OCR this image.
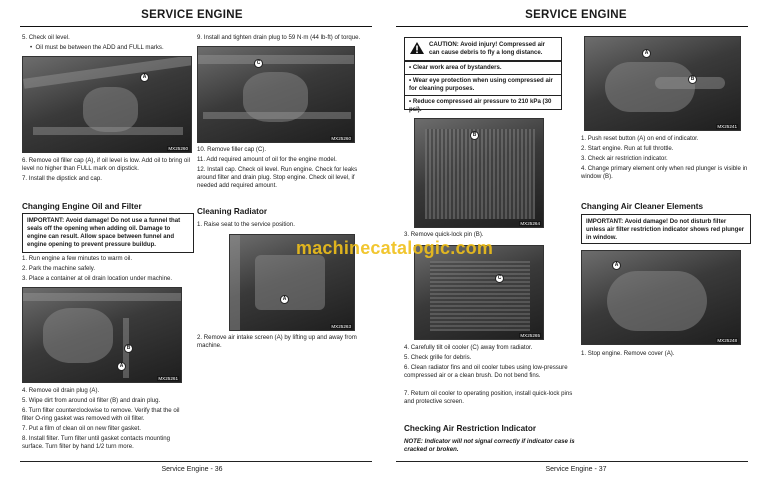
SERVICE ENGINE
5. Check oil level.
•  Oil must be between the ADD and FULL marks.
A
MX25260
6. Remove oil filler cap (A), if oil level is low. Add oil to bring oil level no higher than FULL mark on dipstick.
7. Install the dipstick and cap.
Changing Engine Oil and Filter
IMPORTANT: Avoid damage! Do not use a funnel that seals off the opening when adding oil. Damage to engine can result. Allow space between funnel and engine opening to prevent pressure buildup.
1. Run engine a few minutes to warm oil.
2. Park the machine safely.
3. Place a container at oil drain location under machine.
B
A
MX25261
4. Remove oil drain plug (A).
5. Wipe dirt from around oil filter (B) and drain plug.
6. Turn filter counterclockwise to remove. Verify that the oil filter O-ring gasket was removed with oil filter.
7. Put a film of clean oil on new filter gasket.
8. Install filter. Turn filter until gasket contacts mounting surface. Turn filter by hand 1/2 turn more.
9. Install and tighten drain plug to 59 N·m (44 lb-ft) of torque.
C
MX25260
10. Remove filler cap (C).
11. Add required amount of oil for the engine model.
12. Install cap. Check oil level. Run engine. Check for leaks around filter and drain plug. Stop engine. Check oil level, if needed add required amount.
Cleaning Radiator
1. Raise seat to the service position.
A
MX25263
2. Remove air intake screen (A) by lifting up and away from machine.
Service Engine - 36
SERVICE ENGINE
CAUTION: Avoid injury! Compressed air can cause debris to fly a long distance.
• Clear work area of bystanders.
• Wear eye protection when using compressed air for cleaning purposes.
• Reduce compressed air pressure to 210 kPa (30 psi).
B
MX25264
3. Remove quick-lock pin (B).
C
MX25265
4. Carefully tilt oil cooler (C) away from radiator.
5. Check grille for debris.
6. Clean radiator fins and oil cooler tubes using low-pressure compressed air or a clean brush. Do not bend fins.
7. Return oil cooler to operating position, install quick-lock pins and protective screen.
Checking Air Restriction Indicator
NOTE: Indicator will not signal correctly if indicator case is cracked or broken.
A
B
MX25241
1. Push reset button (A) on end of indicator.
2. Start engine. Run at full throttle.
3. Check air restriction indicator.
4. Change primary element only when red plunger is visible in window (B).
Changing Air Cleaner Elements
IMPORTANT: Avoid damage! Do not disturb filter unless air filter restriction indicator shows red plunger in window.
A
MX25248
1. Stop engine. Remove cover (A).
Service Engine - 37
machinecatalogic.com
